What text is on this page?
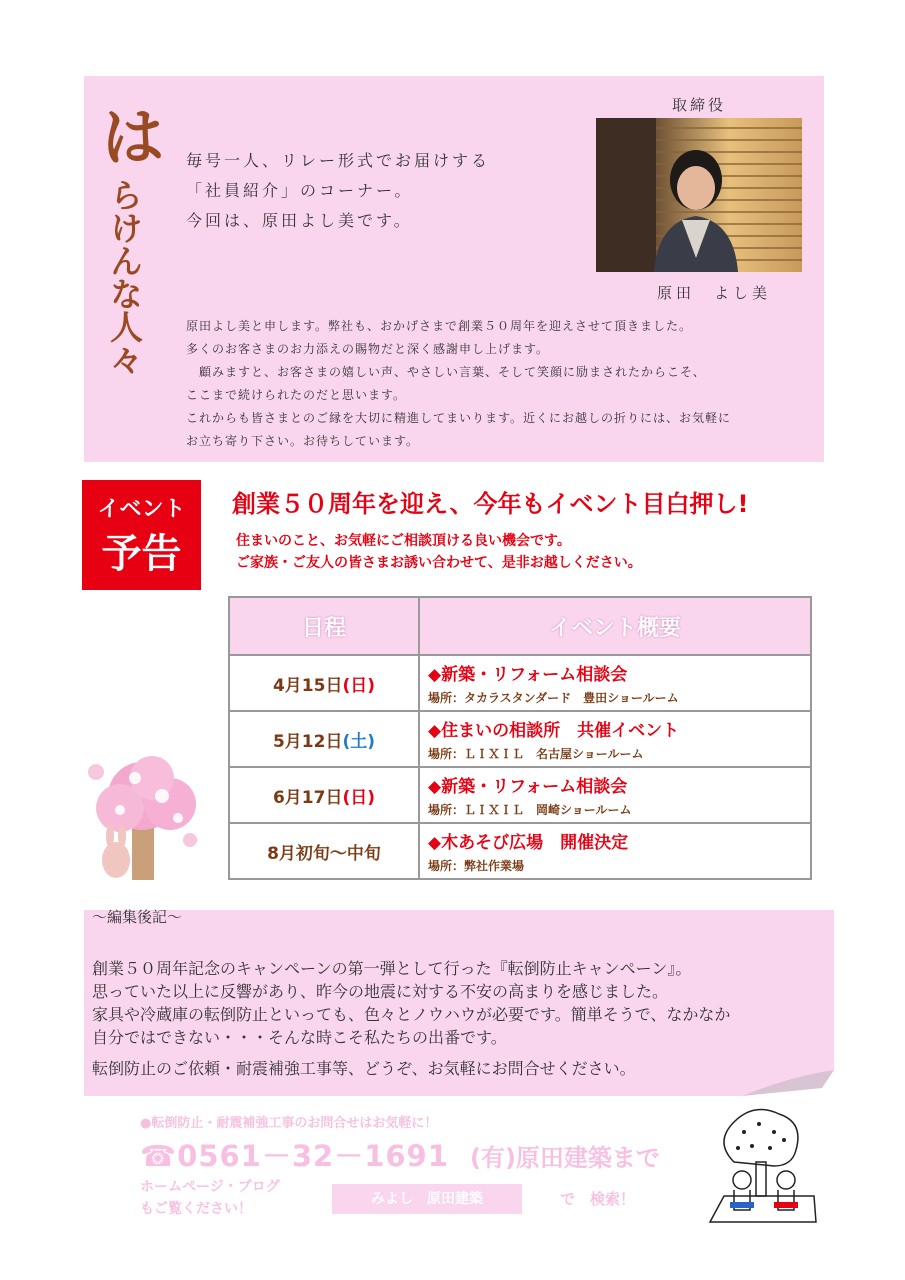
は
らけんな人々
毎号一人、リレー形式でお届けする
「社員紹介」のコーナー。
今回は、原田よし美です。
取締役
原田　よし美
原田よし美と申します。弊社も、おかげさまで創業５０周年を迎えさせて頂きました。
多くのお客さまのお力添えの賜物だと深く感謝申し上げます。
　顧みますと、お客さまの嬉しい声、やさしい言葉、そして笑顔に励まされたからこそ、
ここまで続けられたのだと思います。
これからも皆さまとのご縁を大切に精進してまいります。近くにお越しの折りには、お気軽に
お立ち寄り下さい。お待ちしています。
イベント
予告
創業５０周年を迎え、今年もイベント目白押し!
住まいのこと、お気軽にご相談頂ける良い機会です。
ご家族・ご友人の皆さまお誘い合わせて、是非お越しください。
日程	イベント概要
4月15日(日)	◆新築・リフォーム相談会
場所：タカラスタンダード　豊田ショールーム

5月12日(土)	◆住まいの相談所　共催イベント
場所：ＬＩＸＩＬ　名古屋ショールーム

6月17日(日)	◆新築・リフォーム相談会
場所：ＬＩＸＩＬ　岡崎ショールーム

8月初旬～中旬	◆木あそび広場　開催決定
場所：弊社作業場
～編集後記～
創業５０周年記念のキャンペーンの第一弾として行った『転倒防止キャンペーン』。
思っていた以上に反響があり、昨今の地震に対する不安の高まりを感じました。
家具や冷蔵庫の転倒防止といっても、色々とノウハウが必要です。簡単そうで、なかなか
自分ではできない・・・そんな時こそ私たちの出番です。
転倒防止のご依頼・耐震補強工事等、どうぞ、お気軽にお問合せください。
●転倒防止・耐震補強工事のお問合せはお気軽に！
☎0561－32－1691 (有)原田建築まで
ホームページ・ブログ
もご覧ください！
みよし　原田建築	で　検索！
